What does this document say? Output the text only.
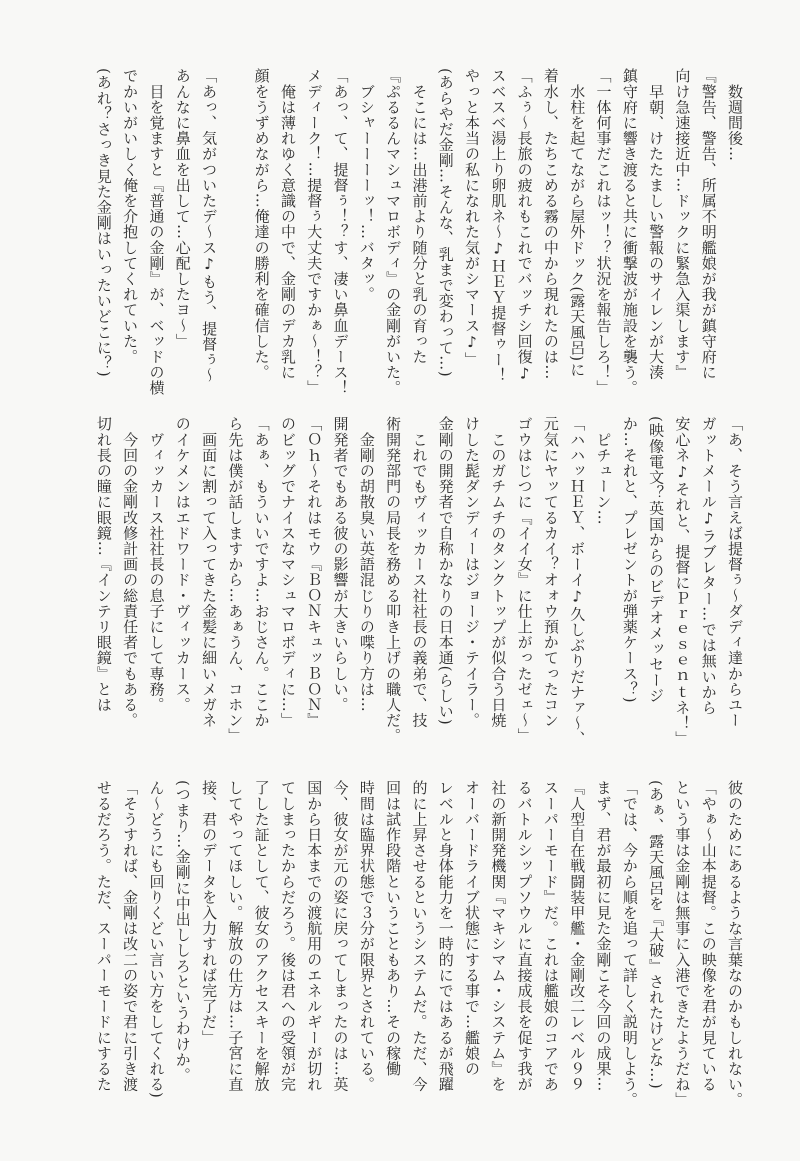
　数週間後…

『警告、警告、所属不明艦娘が我が鎮守府に

向け急速接近中…ドックに緊急入渠します』

　早朝、けたたましい警報のサイレンが大湊

鎮守府に響き渡ると共に衝撃波が施設を襲う。

「一体何事だこれはッ！？状況を報告しろ！」

　水柱を起てながら屋外ドック(露天風呂)に

着水し、たちこめる霧の中から現れたのは…

「ふぅ～長旅の疲れもこれでバッチシ回復♪

スベスベ湯上り卵肌ネ～♪ＨＥＹ提督ゥー！

やっと本当の私になれた気がシマース♪」

(あらやだ金剛…そんな、乳まで変わって…)

　そこには…出港前より随分と乳の育った

『ぷるるんマシュマロボディ』の金剛がいた。

　ブシャーーーーッ！…バタッ。

「あっ、て、提督ぅ！？す、凄い鼻血デース！

メディーク！…提督ぅ大丈夫ですかぁ～！？」

　俺は薄れゆく意識の中で、金剛のデカ乳に

顔をうずめながら…俺達の勝利を確信した。

「あっ、気がついたデ～ス♪もう、提督ぅ～

あんなに鼻血を出して…心配したヨ～」

　目を覚ますと『普通の金剛』が、ベッドの横

でかいがいしく俺を介抱してくれていた。

(あれ？さっき見た金剛はいったいどこに？)

「あ、そう言えば提督ぅ～ダディ達からユー

ガットメール♪ラブレター…では無いから

安心ネ♪それと、提督にＰｒｅｓｅｎｔネ！」

(映像電文？英国からのビデオメッセージ

か…それと、プレゼントが弾薬ケース？)

　ピチューン…

「ハハッＨＥＹ、ボーイ♪久しぶりだナァ～、

元気にヤッてるカイ？オォウ預かてったコン

ゴウはじつに『イイ女』に仕上がったゼェ～」

　このガチムチのタンクトップが似合う日焼

けした髭ダンディーはジョージ・テイラー。

金剛の開発者で自称かなりの日本通(らしい)

　これでもヴィッカース社社長の義弟で、技

術開発部門の局長を務める叩き上げの職人だ。

　金剛の胡散臭い英語混じりの喋り方は…

開発者でもある彼の影響が大きいらしい。

「Ｏｈ～それはモウ『ＢＯＮキュッＢＯＮ』

のビッグでナイスなマシュマロボディに…」

「あぁ、もういいですよ…おじさん。ここか

ら先は僕が話しますから…あぁうん、コホン」

　画面に割って入ってきた金髪に細いメガネ

のイケメンはエドワード・ヴィッカース。

　ヴィッカース社社長の息子にして専務。

　今回の金剛改修計画の総責任者でもある。

切れ長の瞳に眼鏡…『インテリ眼鏡』とは

彼のためにあるような言葉なのかもしれない。

「やぁ～山本提督。この映像を君が見ている

という事は金剛は無事に入港できたようだね」

(あぁ、露天風呂を『大破』されたけどな…)

「では、今から順を追って詳しく説明しよう。

まず、君が最初に見た金剛こそ今回の成果…

『人型自在戦闘装甲艦・金剛改二レベル９９

スーパーモード』だ。これは艦娘のコアであ

るバトルシップソウルに直接成長を促す我が

社の新開発機関『マキシマム・システム』を

オーバードライブ状態にする事で…艦娘の

レベルと身体能力を一時的にではあるが飛躍

的に上昇させるというシステムだ。ただ、今

回は試作段階ということもあり…その稼働

時間は臨界状態で３分が限界とされている。

今、彼女が元の姿に戻ってしまったのは…英

国から日本までの渡航用のエネルギーが切れ

てしまったからだろう。後は君への受領が完

了した証として、彼女のアクセスキーを解放

してやってほしい。解放の仕方は…子宮に直

接、君のデータを入力すれば完了だ」

(つまり…金剛に中出ししろというわけか。

ん～どうにも回りくどい言い方をしてくれる)

「そうすれば、金剛は改二の姿で君に引き渡

せるだろう。ただ、スーパーモードにするた
